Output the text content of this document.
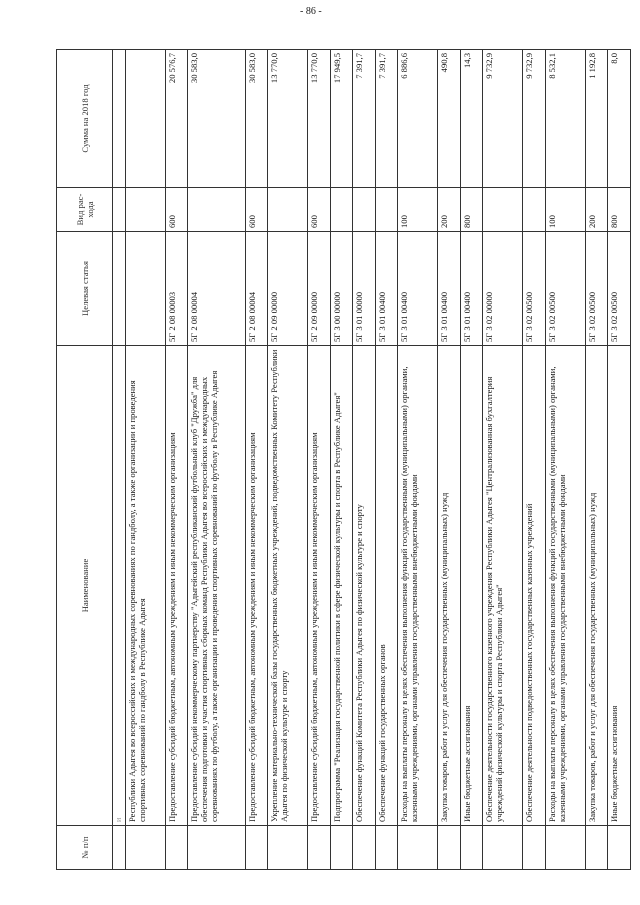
- 86 -
№ п/п	Наименование	Целевая статья	Вид рас-хода	Сумма на 2018 год
	и			
	Республики Адыгея во всероссийских и международных соревнованиях по гандболу, а также организации и проведения спортивных соревнований по гандболу в Республике Адыгея			
	Предоставление субсидий бюджетным, автономным учреждениям и иным некоммерческим организациям	5Г 2 08 00003	600	20 576,7
	Предоставление субсидий некоммерческому партнерству "Адыгейский республиканский футбольный клуб "Дружба" для обеспечения подготовки и участия спортивных сборных команд Республики Адыгея во всероссийских и международных соревнованиях по футболу, а также организации и проведения спортивных соревнований по футболу в Республике Адыгея	5Г 2 08 00004		30 583,0
	Предоставление субсидий бюджетным, автономным учреждениям и иным некоммерческим организациям	5Г 2 08 00004	600	30 583,0
	Укрепление материально-технической базы государственных бюджетных учреждений, подведомственных Комитету Республики Адыгея по физической культуре и спорту	5Г 2 09 00000		13 770,0
	Предоставление субсидий бюджетным, автономным учреждениям и иным некоммерческим организациям	5Г 2 09 00000	600	13 770,0
	Подпрограмма "Реализация государственной политики в сфере физической культуры и спорта в Республике Адыгея"	5Г 3 00 00000		17 949,5
	Обеспечение функций Комитета Республики Адыгея по физической культуре и спорту	5Г 3 01 00000		7 391,7
	Обеспечение функций государственных органов	5Г 3 01 00400		7 391,7
	Расходы на выплаты персоналу в целях обеспечения выполнения функций государственными (муниципальными) органами, казенными учреждениями, органами управления государственными внебюджетными фондами	5Г 3 01 00400	100	6 886,6
	Закупка товаров, работ и услуг для обеспечения государственных (муниципальных) нужд	5Г 3 01 00400	200	490,8
	Иные бюджетные ассигнования	5Г 3 01 00400	800	14,3
	Обеспечение деятельности государственного казенного учреждения Республики Адыгея "Централизованная бухгалтерия учреждений физической культуры и спорта Республики Адыгея"	5Г 3 02 00000		9 732,9
	Обеспечение деятельности подведомственных государственных казенных учреждений	5Г 3 02 00500		9 732,9
	Расходы на выплаты персоналу в целях обеспечения выполнения функций государственными (муниципальными) органами, казенными учреждениями, органами управления государственными внебюджетными фондами	5Г 3 02 00500	100	8 532,1
	Закупка товаров, работ и услуг для обеспечения государственных (муниципальных) нужд	5Г 3 02 00500	200	1 192,8
	Иные бюджетные ассигнования	5Г 3 02 00500	800	8,0
